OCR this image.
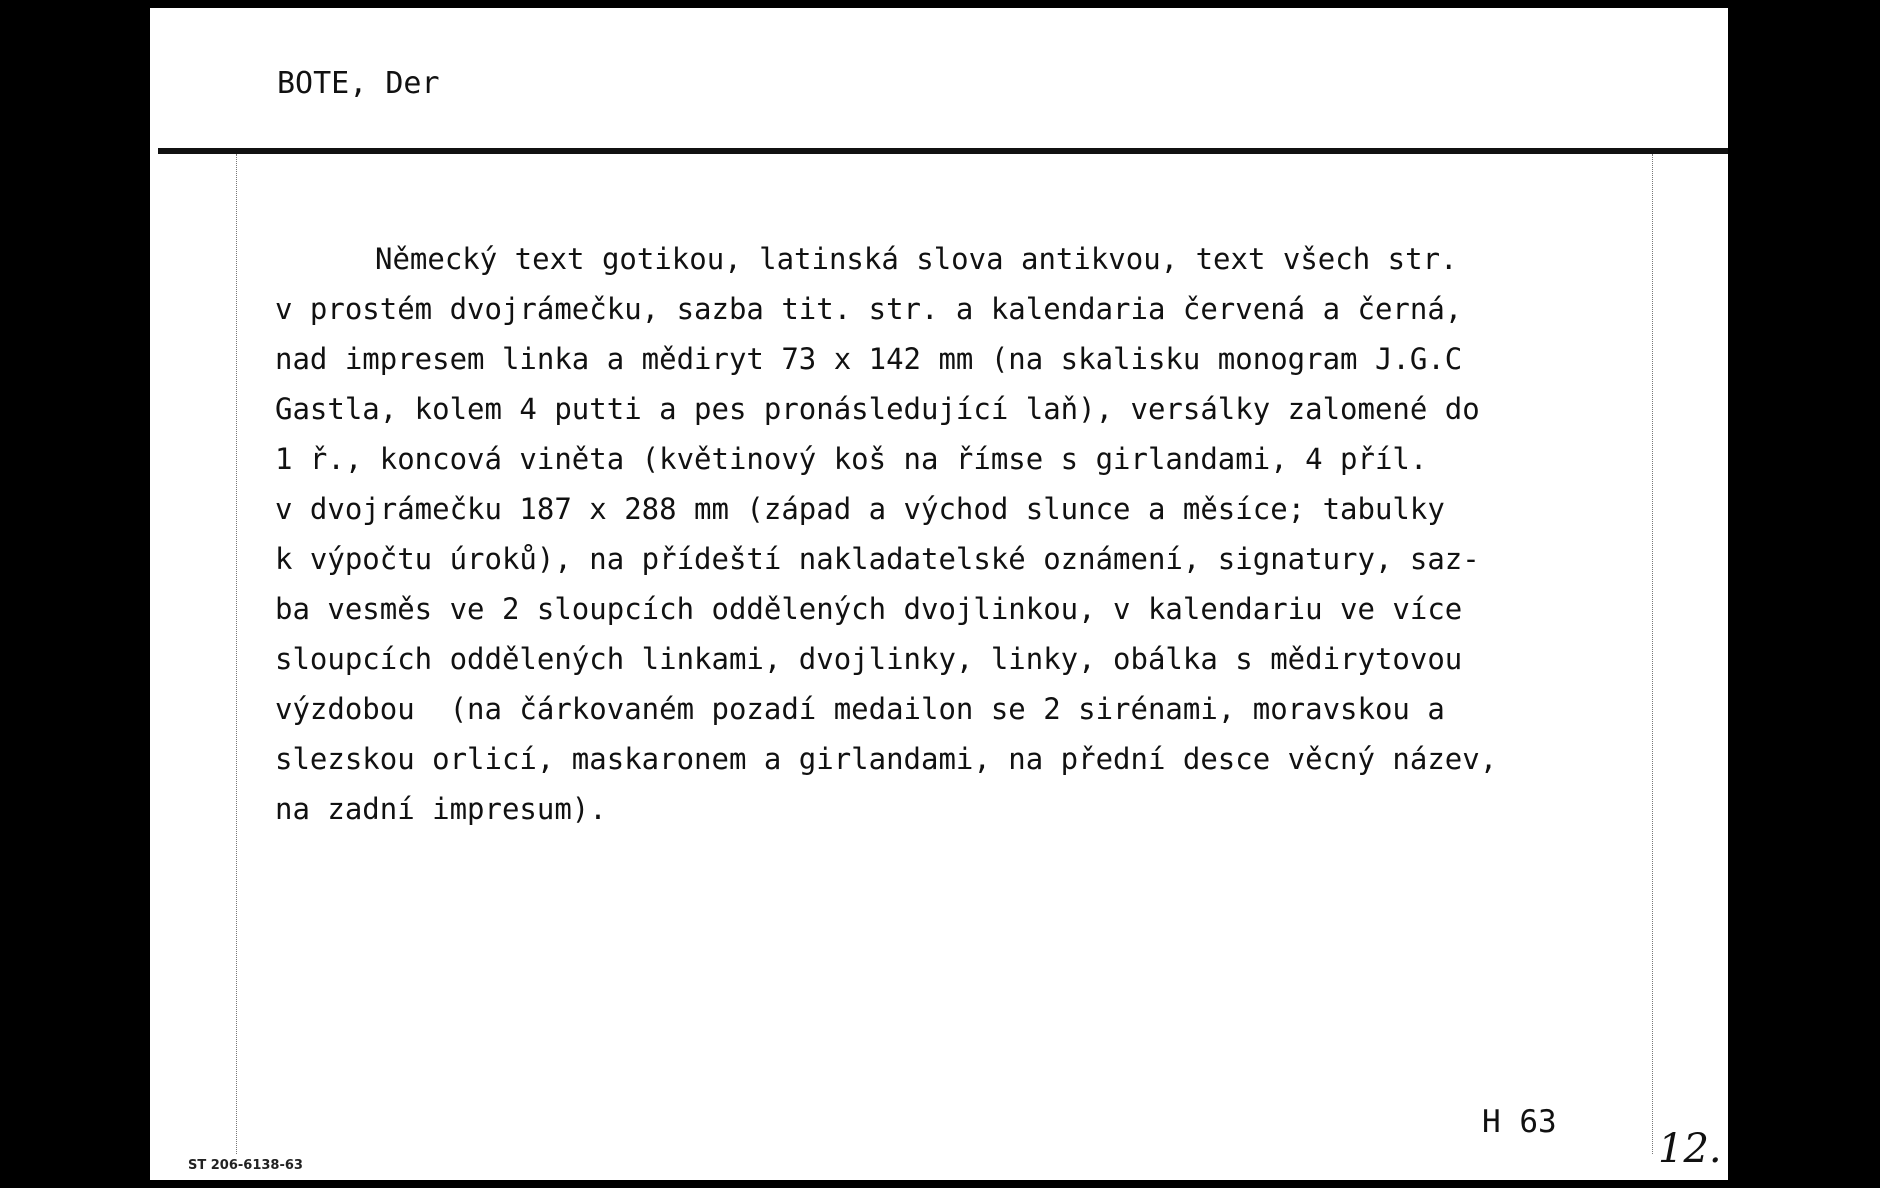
BOTE, Der
Německý text gotikou, latinská slova antikvou, text všech str.
v prostém dvojrámečku, sazba tit. str. a kalendaria červená a černá,
nad impresem linka a mědiryt 73 x 142 mm (na skalisku monogram J.G.C
Gastla, kolem 4 putti a pes pronásledující laň), versálky zalomené do
1 ř., koncová viněta (květinový koš na římse s girlandami, 4 příl.
v dvojrámečku 187 x 288 mm (západ a východ slunce a měsíce; tabulky
k výpočtu úroků), na přídeští nakladatelské oznámení, signatury, saz-
ba vesměs ve 2 sloupcích oddělených dvojlinkou, v kalendariu ve více
sloupcích oddělených linkami, dvojlinky, linky, obálka s mědirytovou
výzdobou  (na čárkovaném pozadí medailon se 2 sirénami, moravskou a
slezskou orlicí, maskaronem a girlandami, na přední desce věcný název,
na zadní impresum).
H 63
12.
ST 206-6138-63
